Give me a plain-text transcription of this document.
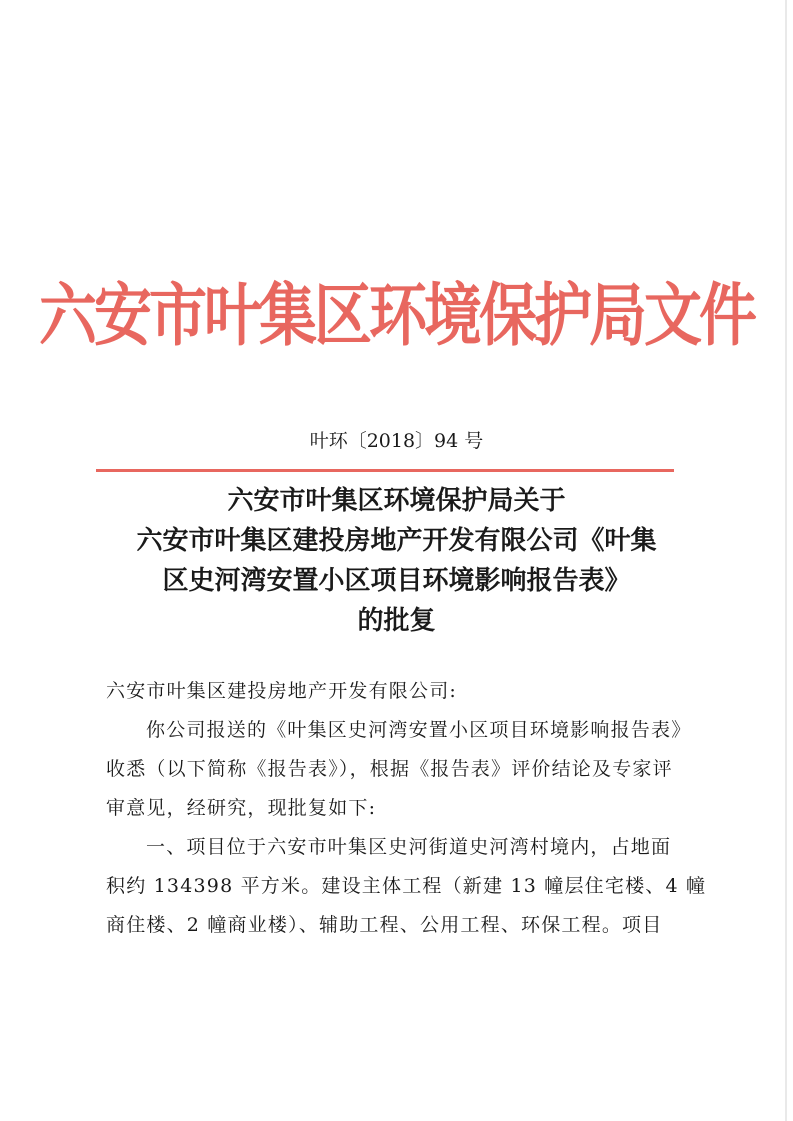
六安市叶集区环境保护局文件
叶环〔2018〕94 号
六安市叶集区环境保护局关于
六安市叶集区建投房地产开发有限公司《叶集
区史河湾安置小区项目环境影响报告表》
的批复
六安市叶集区建投房地产开发有限公司:
你公司报送的《叶集区史河湾安置小区项目环境影响报告表》
收悉（以下简称《报告表》），根据《报告表》评价结论及专家评
审意见，经研究，现批复如下:
一、项目位于六安市叶集区史河街道史河湾村境内，占地面
积约 134398 平方米。建设主体工程（新建 13 幢层住宅楼、4 幢
商住楼、2 幢商业楼）、辅助工程、公用工程、环保工程。项目
